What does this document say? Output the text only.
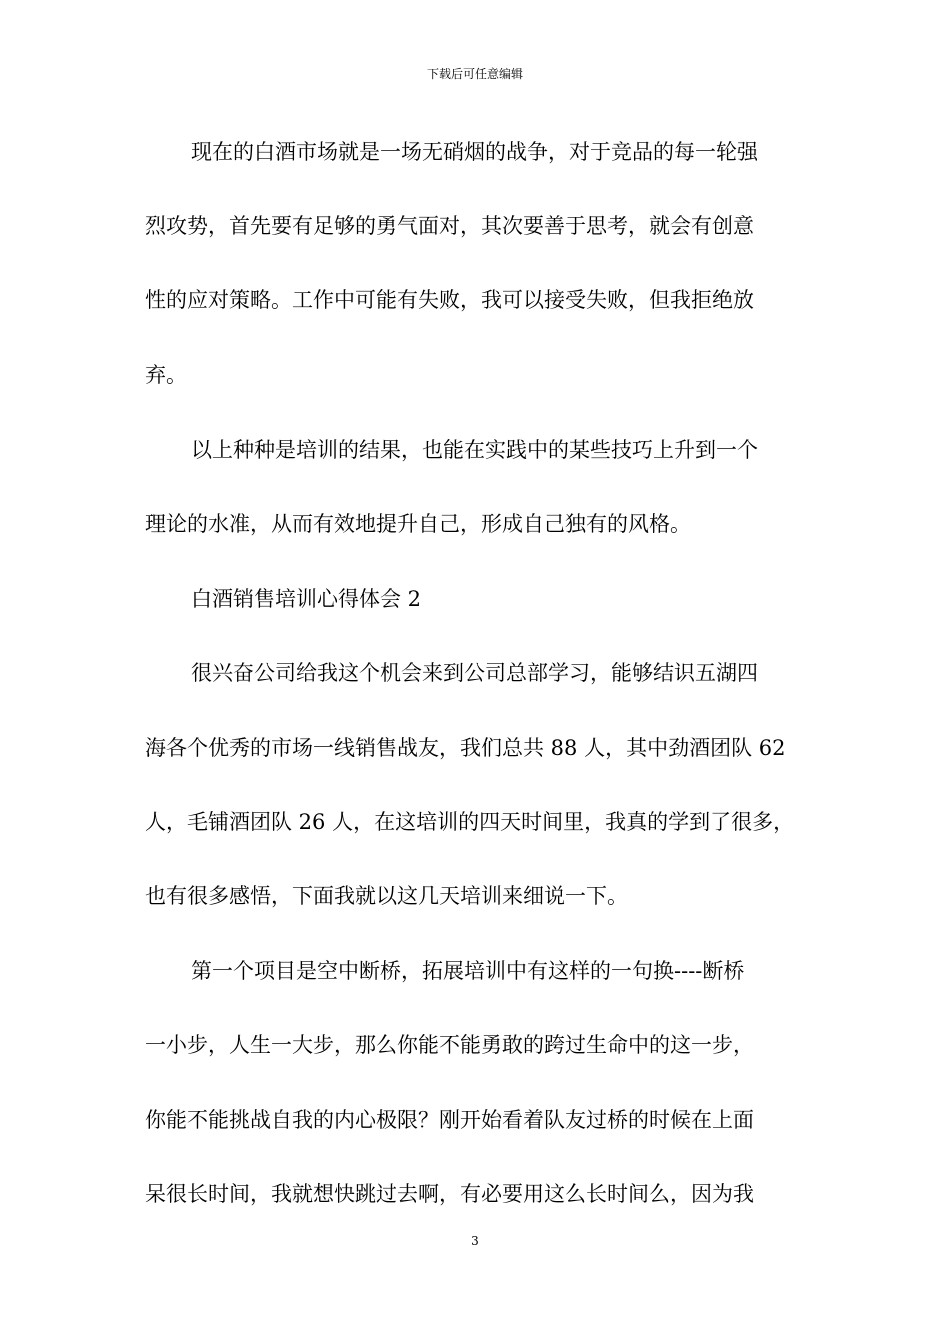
下载后可任意编辑
现在的白酒市场就是一场无硝烟的战争，对于竞品的每一轮强
烈攻势，首先要有足够的勇气面对，其次要善于思考，就会有创意
性的应对策略。工作中可能有失败，我可以接受失败，但我拒绝放
弃。
以上种种是培训的结果，也能在实践中的某些技巧上升到一个
理论的水准，从而有效地提升自己，形成自己独有的风格。
白酒销售培训心得体会 2
很兴奋公司给我这个机会来到公司总部学习，能够结识五湖四
海各个优秀的市场一线销售战友，我们总共 88 人，其中劲酒团队 62
人，毛铺酒团队 26 人，在这培训的四天时间里，我真的学到了很多，
也有很多感悟，下面我就以这几天培训来细说一下。
第一个项目是空中断桥，拓展培训中有这样的一句换----断桥
一小步，人生一大步，那么你能不能勇敢的跨过生命中的这一步，
你能不能挑战自我的内心极限？刚开始看着队友过桥的时候在上面
呆很长时间，我就想快跳过去啊，有必要用这么长时间么，因为我
3
